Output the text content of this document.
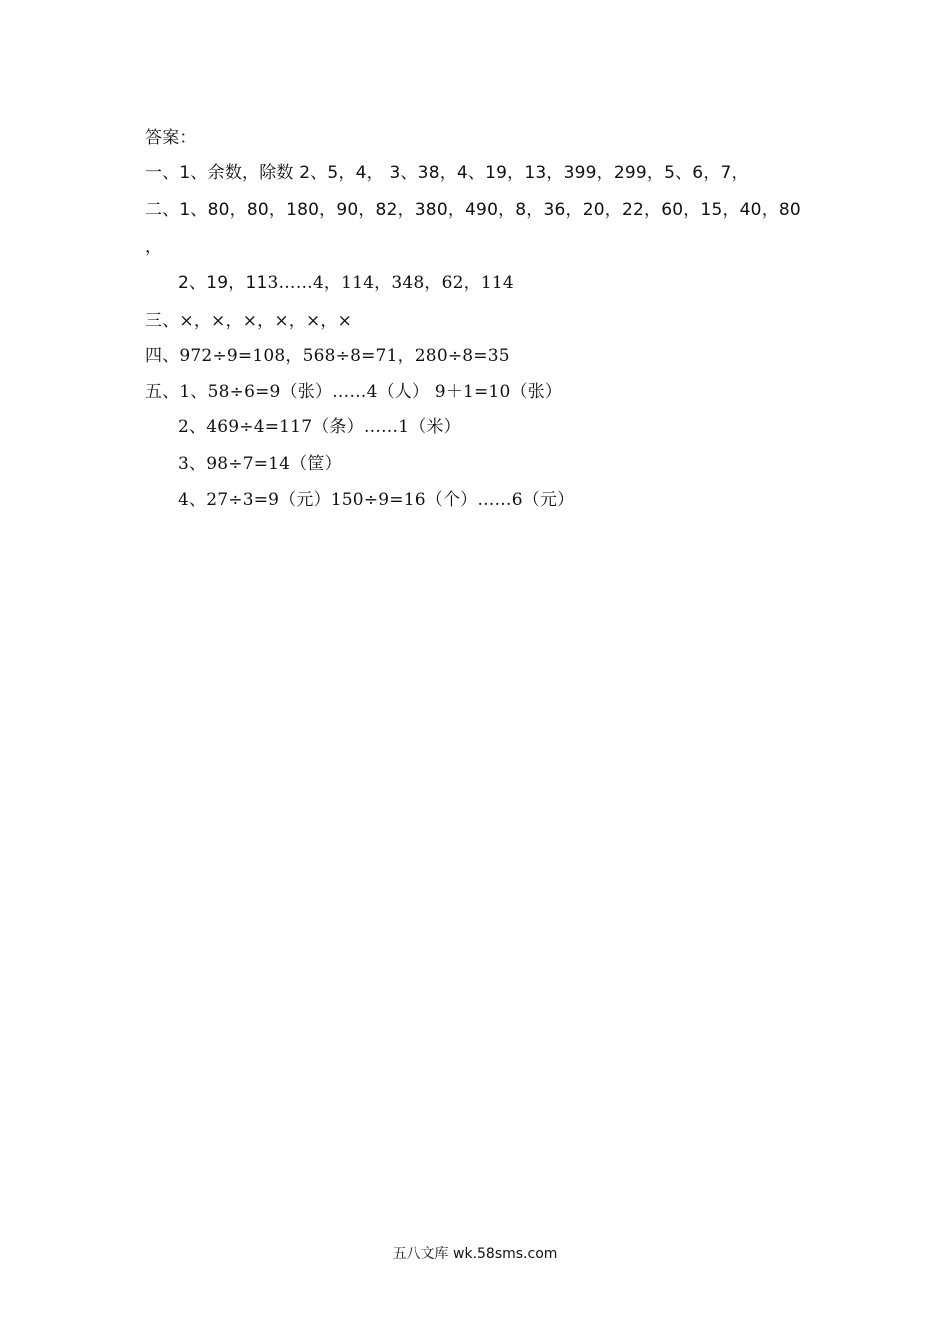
答案：
一、1、余数，除数 2、5，4， 3、38，4、19，13，399，299，5、6，7，
二、1、80，80，180，90，82，380，490，8，36，20，22，60，15，40，80
，
2、19，113……4，114，348，62，114
三、×，×，×，×，×，×
四、972÷9=108，568÷8=71，280÷8=35
五、1、58÷6=9（张）……4（人） 9＋1=10（张）
2、469÷4=117（条）……1（米）
3、98÷7=14（筐）
4、27÷3=9（元）150÷9=16（个）……6（元）
五八文库 wk.58sms.com
